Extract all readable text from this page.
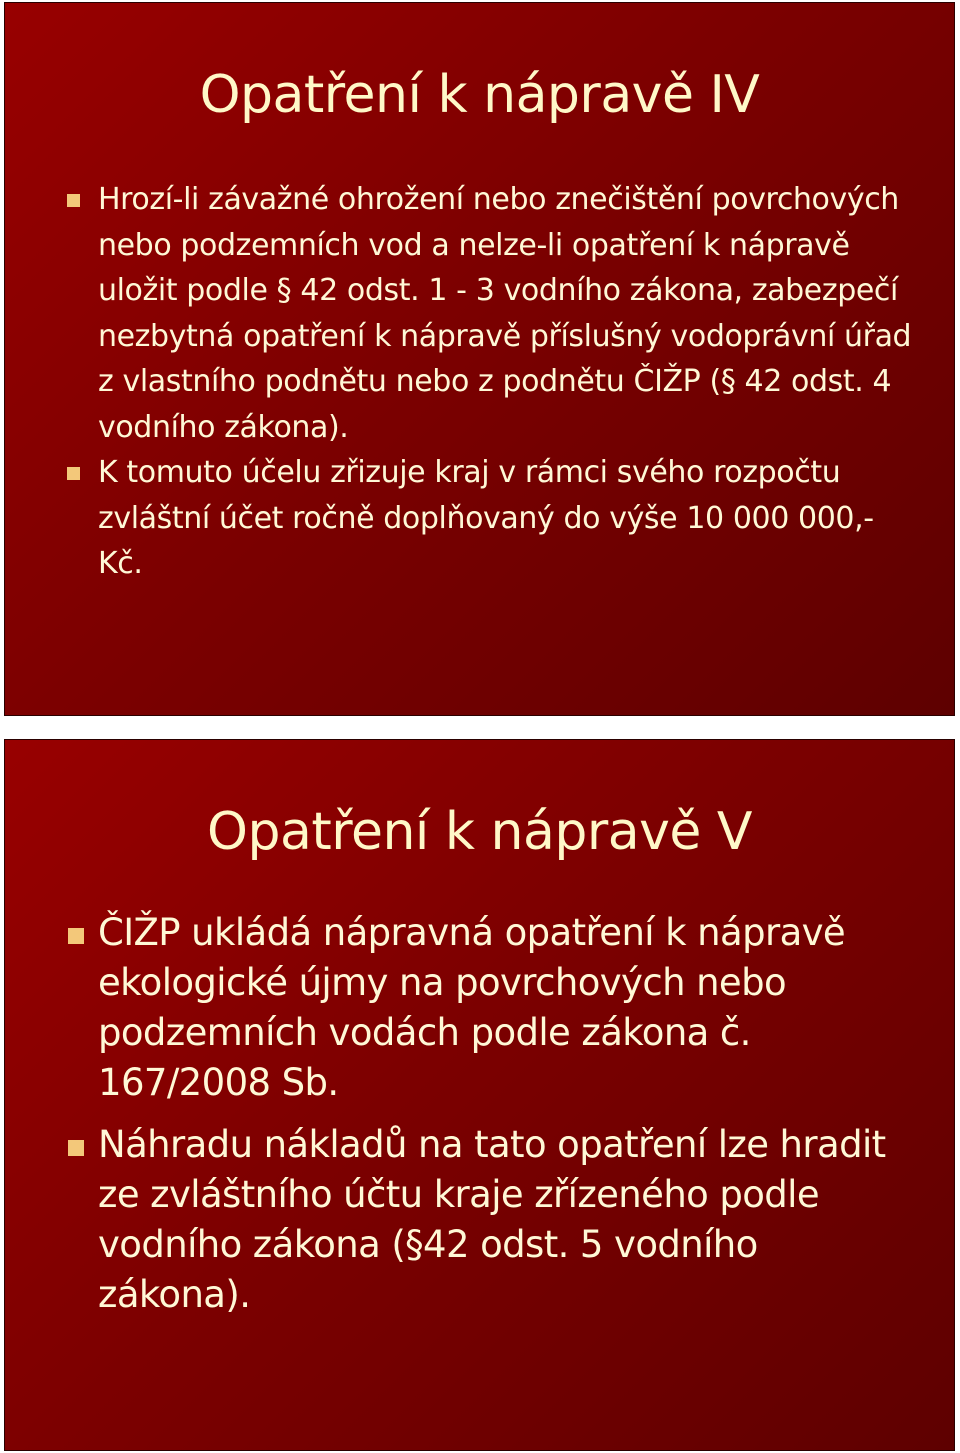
Opatření k nápravě IV
Hrozí-li závažné ohrožení nebo znečištění povrchových nebo podzemních vod a nelze-li opatření k nápravě uložit podle § 42 odst. 1 - 3 vodního zákona, zabezpečí nezbytná opatření k nápravě příslušný vodoprávní úřad z vlastního podnětu nebo z podnětu ČIŽP (§ 42 odst. 4 vodního zákona).
K tomuto účelu zřizuje kraj v rámci svého rozpočtu zvláštní účet ročně doplňovaný do výše 10 000 000,-Kč.
Opatření k nápravě V
ČIŽP ukládá nápravná opatření k nápravě ekologické újmy na povrchových nebo podzemních vodách podle zákona č. 167/2008 Sb.
Náhradu nákladů na tato opatření lze hradit ze zvláštního účtu kraje zřízeného podle vodního zákona (§42 odst. 5 vodního zákona).
